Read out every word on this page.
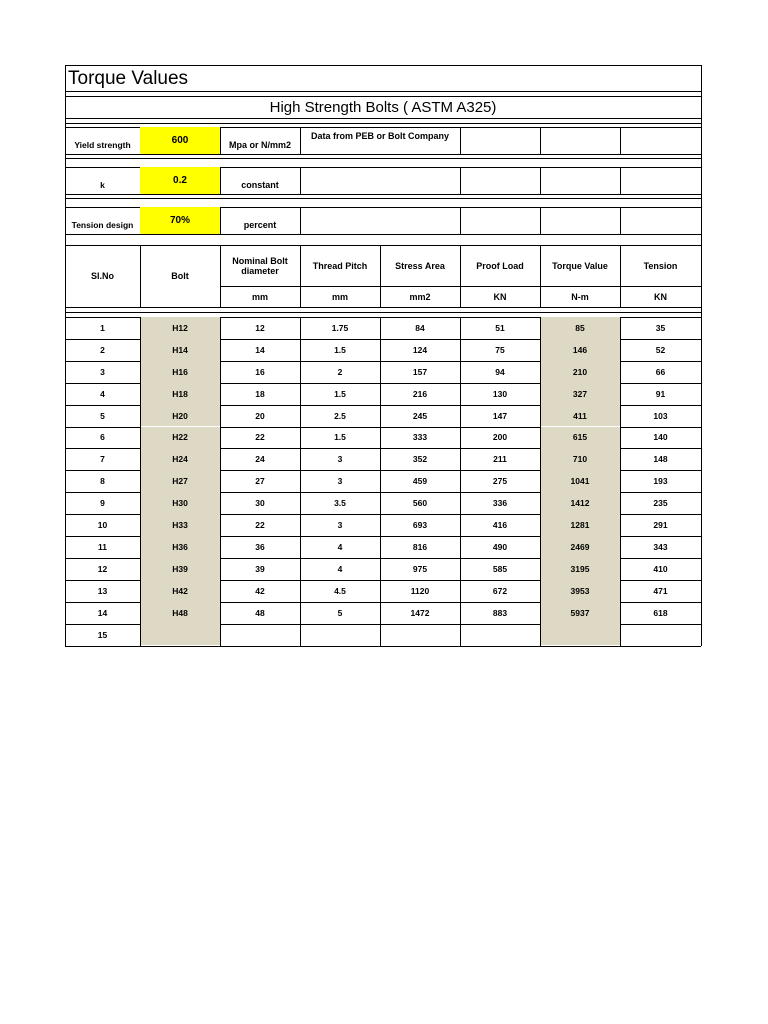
Torque Values
High Strength Bolts ( ASTM A325)
Yield strength	600	Mpa or N/mm2
k	0.2	constant
Tension design	70%	percent
Data from PEB or Bolt Company
Sl.No	Bolt
Nominal Bolt diameter	Thread Pitch	Stress Area	Proof Load	Torque Value	Tension
mm	mm	mm2	KN	N-m	KN
1	H12	12	1.75	84	51	85	35
2	H14	14	1.5	124	75	146	52
3	H16	16	2	157	94	210	66
4	H18	18	1.5	216	130	327	91
5	H20	20	2.5	245	147	411	103
6	H22	22	1.5	333	200	615	140
7	H24	24	3	352	211	710	148
8	H27	27	3	459	275	1041	193
9	H30	30	3.5	560	336	1412	235
10	H33	22	3	693	416	1281	291
11	H36	36	4	816	490	2469	343
12	H39	39	4	975	585	3195	410
13	H42	42	4.5	1120	672	3953	471
14	H48	48	5	1472	883	5937	618
15
